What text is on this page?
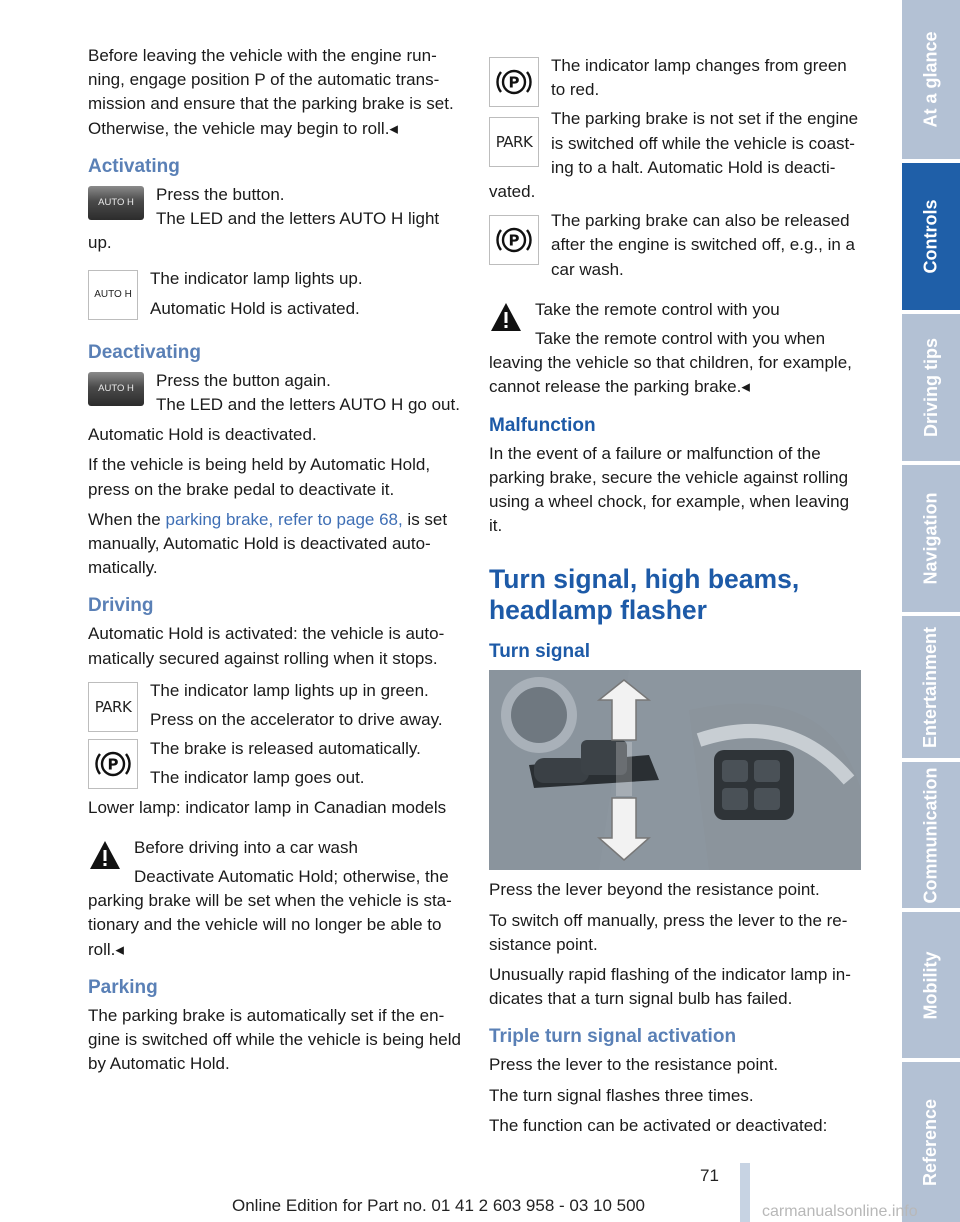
Before leaving the vehicle with the engine running, engage position P of the automatic transmission and ensure that the parking brake is set. Otherwise, the vehicle may begin to roll.◂

Activating
AUTO H	Press the button.

The LED and the letters AUTO H light up.

AUTO H

The indicator lamp lights up.

Automatic Hold is activated.

Deactivating
AUTO H	Press the button again.

The LED and the letters AUTO H go out.

Automatic Hold is deactivated.

If the vehicle is being held by Automatic Hold, press on the brake pedal to deactivate it.

When the parking brake, refer to page 68, is set manually, Automatic Hold is deactivated automatically.

Driving

Automatic Hold is activated: the vehicle is automatically secured against rolling when it stops.

PARK

The indicator lamp lights up in green.

Press on the accelerator to drive away.

P

The brake is released automatically.

The indicator lamp goes out.

Lower lamp: indicator lamp in Canadian models

Before driving into a car wash

Deactivate Automatic Hold; otherwise, the parking brake will be set when the vehicle is stationary and the vehicle will no longer be able to roll.◂

Parking

The parking brake is automatically set if the engine is switched off while the vehicle is being held by Automatic Hold.

P

The indicator lamp changes from green to red.

PARK

The parking brake is not set if the engine is switched off while the vehicle is coasting to a halt. Automatic Hold is deactivated.

P

The parking brake can also be released after the engine is switched off, e.g., in a car wash.

Take the remote control with you

Take the remote control with you when leaving the vehicle so that children, for example, cannot release the parking brake.◂

Malfunction

In the event of a failure or malfunction of the parking brake, secure the vehicle against rolling using a wheel chock, for example, when leaving it.

Turn signal, high beams, headlamp flasher
Turn signal

Press the lever beyond the resistance point.

To switch off manually, press the lever to the resistance point.

Unusually rapid flashing of the indicator lamp indicates that a turn signal bulb has failed.

Triple turn signal activation

Press the lever to the resistance point.

The turn signal flashes three times.

The function can be activated or deactivated:

At a glance
Controls
Driving tips
Navigation
Entertainment
Communication
Mobility
Reference
71
Online Edition for Part no. 01 41 2 603 958 - 03 10 500	carmanualsonline.info
